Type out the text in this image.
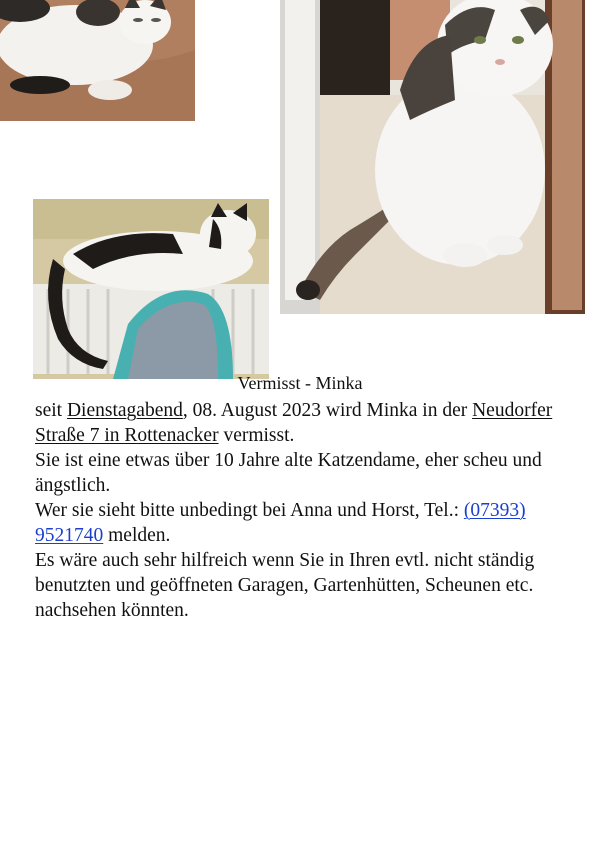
Vermisst - Minka

seit Dienstagabend, 08. August 2023 wird Minka in der Neudorfer Straße 7 in Rottenacker vermisst.

Sie ist eine etwas über 10 Jahre alte Katzendame, eher scheu und ängstlich.

Wer sie sieht bitte unbedingt bei Anna und Horst, Tel.: (07393) 9521740 melden.

Es wäre auch sehr hilfreich wenn Sie in Ihren evtl. nicht ständig benutzten und geöffneten Garagen, Gartenhütten, Scheunen etc. nachsehen könnten.
